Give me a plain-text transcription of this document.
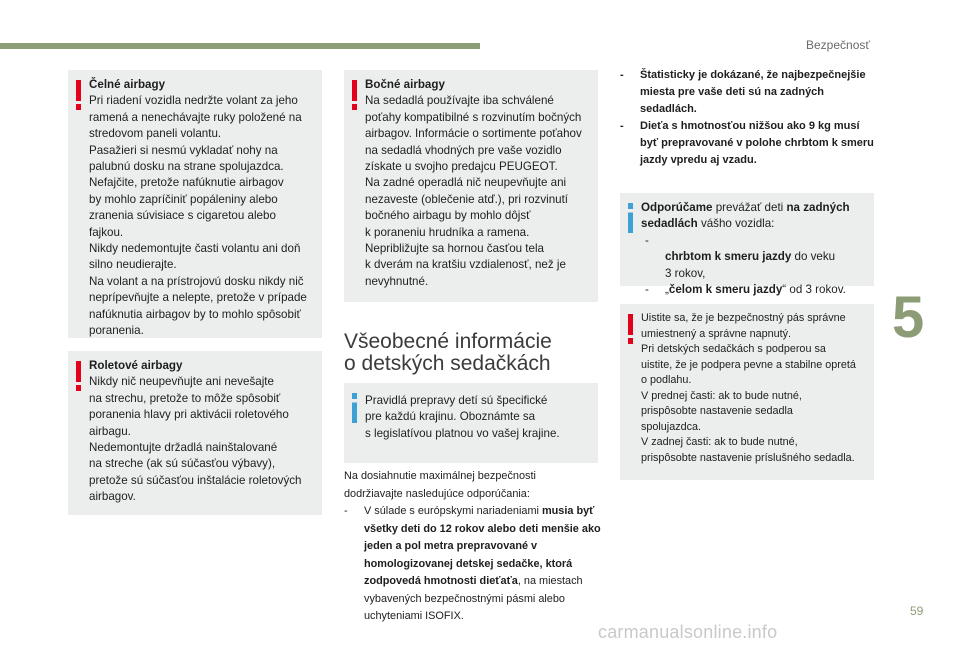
Bezpečnosť
Čelné airbagy
Pri riadení vozidla nedržte volant za jeho
ramená a nenechávajte ruky položené na
stredovom paneli volantu.
Pasažieri si nesmú vykladať nohy na
palubnú dosku na strane spolujazdca.
Nefajčite, pretože nafúknutie airbagov
by mohlo zapríčiniť popáleniny alebo
zranenia súvisiace s cigaretou alebo
fajkou.
Nikdy nedemontujte časti volantu ani doň
silno neudierajte.
Na volant a na prístrojovú dosku nikdy nič
neprípevňujte a nelepte, pretože v prípade
nafúknutia airbagov by to mohlo spôsobiť
poranenia.
Roletové airbagy
Nikdy nič neupevňujte ani nevešajte
na strechu, pretože to môže spôsobiť
poranenia hlavy pri aktivácii roletového
airbagu.
Nedemontujte držadlá nainštalované
na streche (ak sú súčasťou výbavy),
pretože sú súčasťou inštalácie roletových
airbagov.
Bočné airbagy
Na sedadlá používajte iba schválené
poťahy kompatibilné s rozvinutím bočných
airbagov. Informácie o sortimente poťahov
na sedadlá vhodných pre vaše vozidlo
získate u svojho predajcu PEUGEOT.
Na zadné operadlá nič neupevňujte ani
nezaveste (oblečenie atď.), pri rozvinutí
bočného airbagu by mohlo dôjsť
k poraneniu hrudníka a ramena.
Nepribližujte sa hornou časťou tela
k dverám na kratšiu vzdialenosť, než je
nevyhnutné.
Všeobecné informácie
o detských sedačkách
Pravidlá prepravy detí sú špecifické
pre každú krajinu. Oboznámte sa
s legislatívou platnou vo vašej krajine.
Na dosiahnutie maximálnej bezpečnosti
dodržiavajte nasledujúce odporúčania:
- V súlade s európskymi nariadeniami musia byť všetky deti do 12 rokov alebo deti menšie ako jeden a pol metra prepravované v homologizovanej detskej sedačke, ktorá zodpovedá hmotnosti dieťaťa, na miestach vybavených bezpečnostnými pásmi alebo uchyteniami ISOFIX.
- Štatisticky je dokázané, že najbezpečnejšie miesta pre vaše deti sú na zadných sedadlách.
- Dieťa s hmotnosťou nižšou ako 9 kg musí byť prepravované v polohe chrbtom k smeru jazdy vpredu aj vzadu.
Odporúčame prevážať deti na zadných sedadlách vášho vozidla:

-
chrbtom k smeru jazdy do veku
3 rokov,

- „čelom k smeru jazdy“ od 3 rokov.
Uistite sa, že je bezpečnostný pás správne
umiestnený a správne napnutý.
Pri detských sedačkách s podperou sa
uistite, že je podpera pevne a stabilne opretá
o podlahu.
V prednej časti: ak to bude nutné,
prispôsobte nastavenie sedadla
spolujazdca.
V zadnej časti: ak to bude nutné,
prispôsobte nastavenie príslušného sedadla.
5
59
carmanualsonline.info
